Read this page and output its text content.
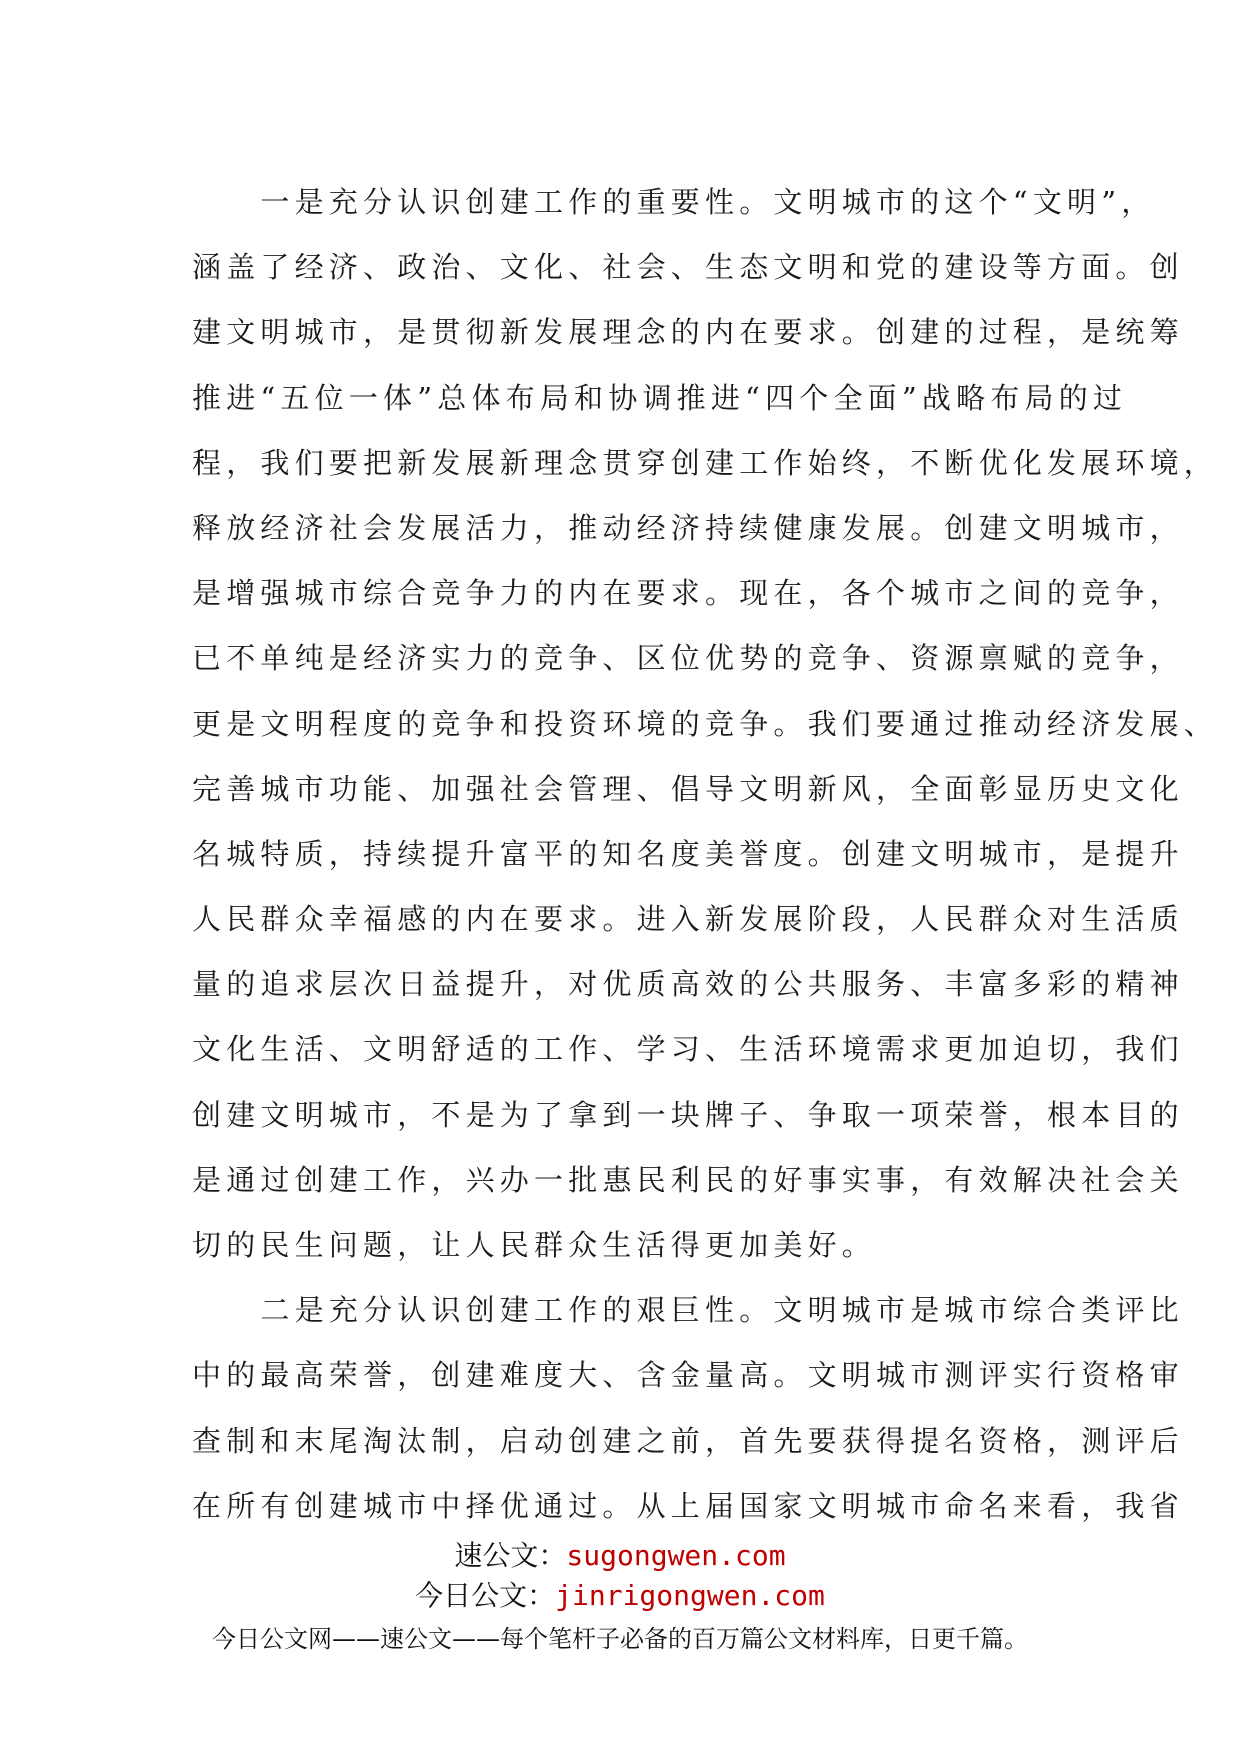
　　一是充分认识创建工作的重要性。文明城市的这个“文明”，
涵盖了经济、政治、文化、社会、生态文明和党的建设等方面。创
建文明城市，是贯彻新发展理念的内在要求。创建的过程，是统筹
推进“五位一体”总体布局和协调推进“四个全面”战略布局的过
程，我们要把新发展新理念贯穿创建工作始终，不断优化发展环境，
释放经济社会发展活力，推动经济持续健康发展。创建文明城市，
是增强城市综合竞争力的内在要求。现在，各个城市之间的竞争，
已不单纯是经济实力的竞争、区位优势的竞争、资源禀赋的竞争，
更是文明程度的竞争和投资环境的竞争。我们要通过推动经济发展、
完善城市功能、加强社会管理、倡导文明新风，全面彰显历史文化
名城特质，持续提升富平的知名度美誉度。创建文明城市，是提升
人民群众幸福感的内在要求。进入新发展阶段，人民群众对生活质
量的追求层次日益提升，对优质高效的公共服务、丰富多彩的精神
文化生活、文明舒适的工作、学习、生活环境需求更加迫切，我们
创建文明城市，不是为了拿到一块牌子、争取一项荣誉，根本目的
是通过创建工作，兴办一批惠民利民的好事实事，有效解决社会关
切的民生问题，让人民群众生活得更加美好。
　　二是充分认识创建工作的艰巨性。文明城市是城市综合类评比
中的最高荣誉，创建难度大、含金量高。文明城市测评实行资格审
查制和末尾淘汰制，启动创建之前，首先要获得提名资格，测评后
在所有创建城市中择优通过。从上届国家文明城市命名来看，我省
速公文：sugongwen.com
今日公文：jinrigongwen.com
今日公文网——速公文——每个笔杆子必备的百万篇公文材料库，日更千篇。
